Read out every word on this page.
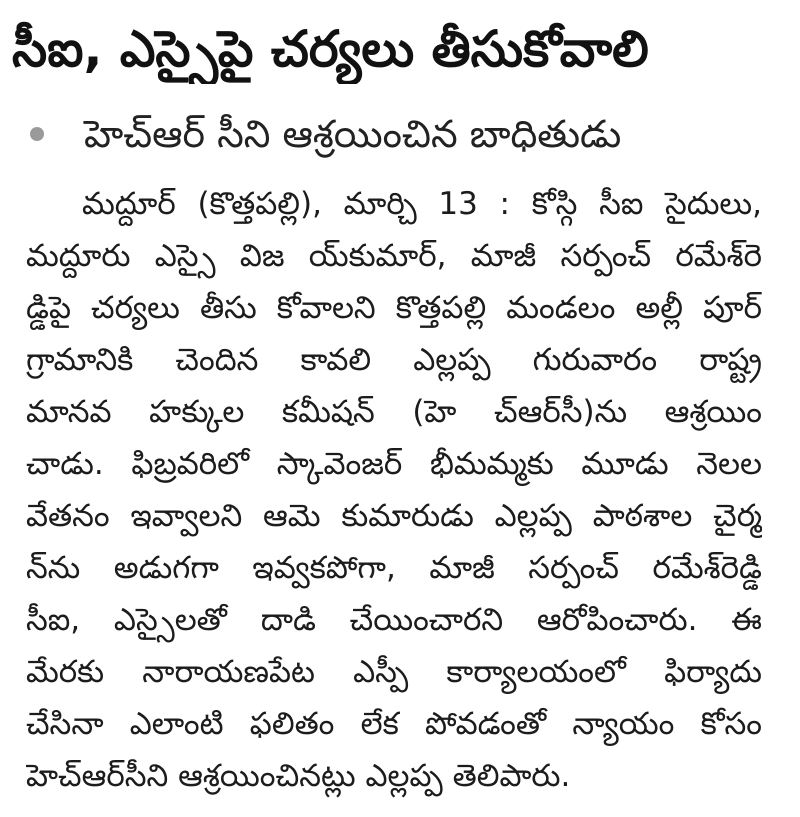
సీఐ, ఎస్సైపై చర్యలు తీసుకోవాలి
హెచ్‌ఆర్‌ సీని ఆశ్రయించిన బాధితుడు
మద్దూర్‌ (కొత్తపల్లి), మార్చి 13 : కోస్గి సీఐ సైదులు,
మద్దూరు ఎస్సై విజ య్‌కుమార్‌, మాజీ సర్పంచ్‌ రమేశ్‌రె
డ్డిపై చర్యలు తీసు కోవాలని కొత్తపల్లి మండలం అల్లీ పూర్‌
గ్రామానికి చెందిన కావలి ఎల్లప్ప గురువారం రాష్ట్ర
మానవ హక్కుల కమీషన్‌ (హె చ్‌ఆర్‌సీ)ను ఆశ్రయిం
చాడు. ఫిబ్రవరిలో స్కావెంజర్‌ భీమమ్మకు మూడు నెలల
వేతనం ఇవ్వాలని ఆమె కుమారుడు ఎల్లప్ప పాఠశాల చైర్మ
న్‌ను అడుగగా ఇవ్వకపోగా, మాజీ సర్పంచ్‌ రమేశ్‌రెడ్డి
సీఐ, ఎస్సైలతో దాడి చేయించారని ఆరోపించారు. ఈ
మేరకు నారాయణపేట ఎస్పీ కార్యాలయంలో ఫిర్యాదు
చేసినా ఎలాంటి ఫలితం లేక పోవడంతో న్యాయం కోసం
హెచ్‌ఆర్‌సీని ఆశ్రయించినట్లు ఎల్లప్ప తెలిపారు.
